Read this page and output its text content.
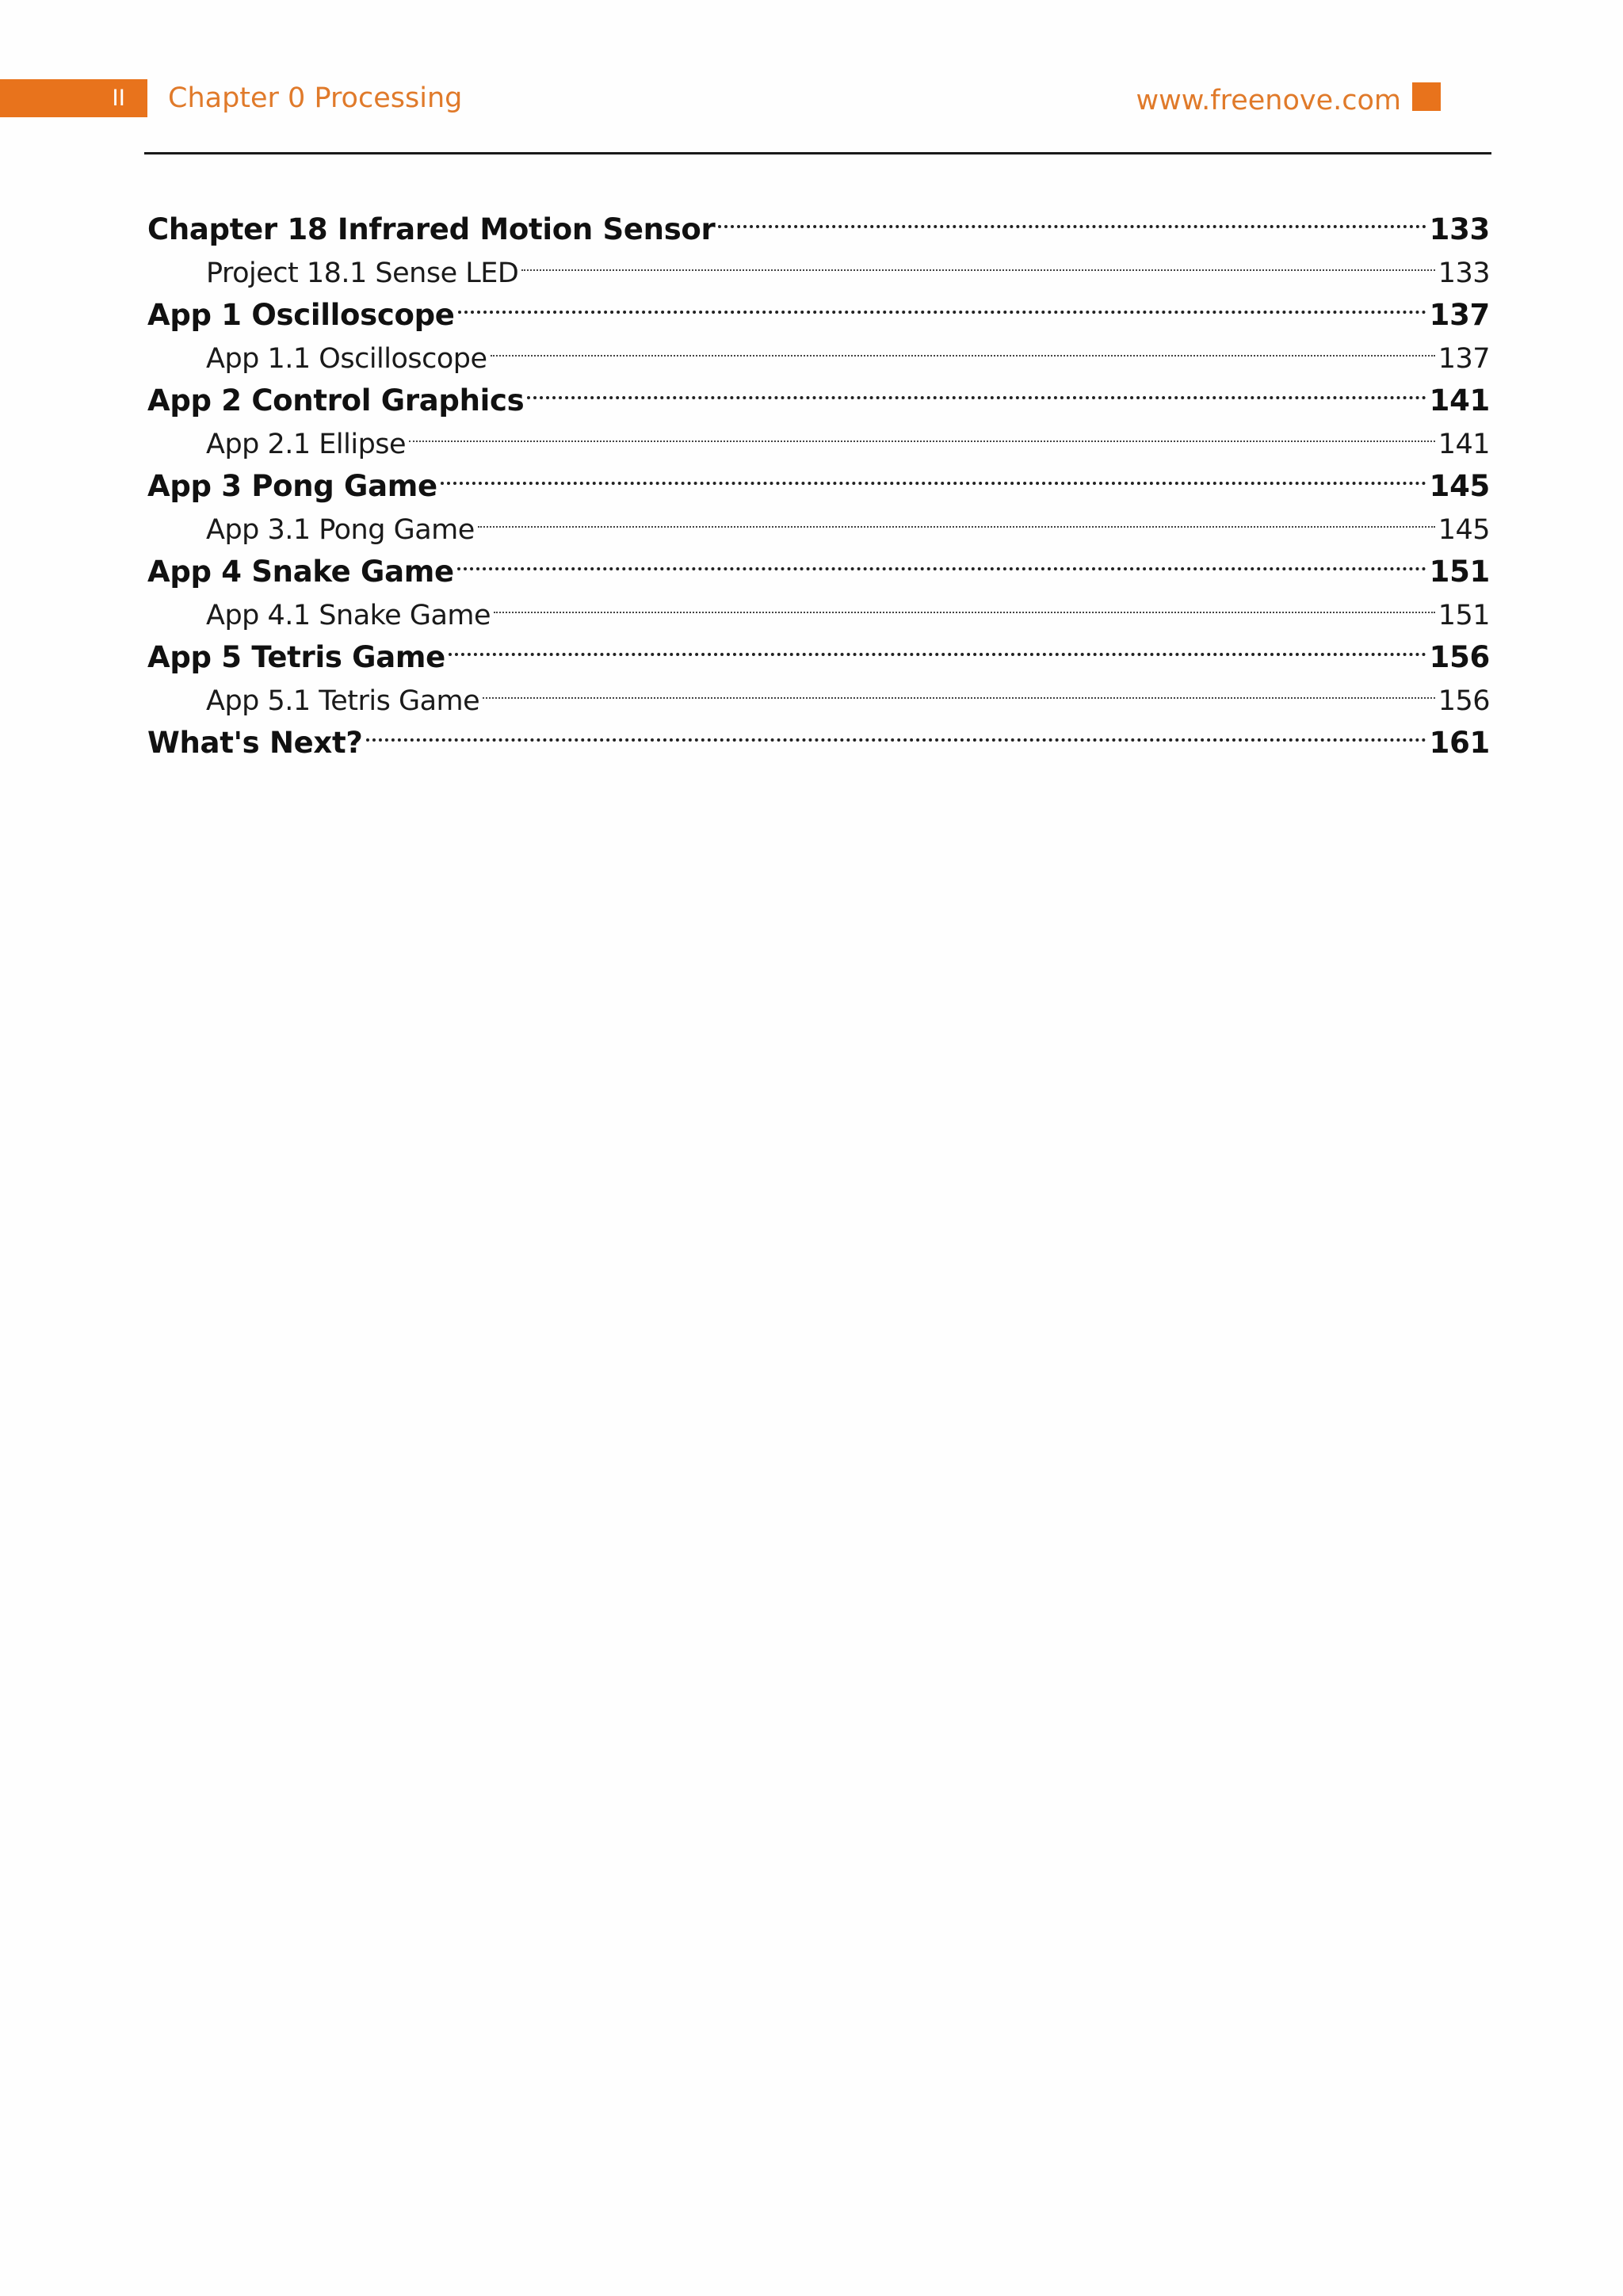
II	Chapter 0 Processing	www.freenove.com
Chapter 18 Infrared Motion Sensor	133
Project 18.1 Sense LED	133
App 1 Oscilloscope	137
App 1.1 Oscilloscope	137
App 2 Control Graphics	141
App 2.1 Ellipse	141
App 3 Pong Game	145
App 3.1 Pong Game	145
App 4 Snake Game	151
App 4.1 Snake Game	151
App 5 Tetris Game	156
App 5.1 Tetris Game	156
What's Next?	161
